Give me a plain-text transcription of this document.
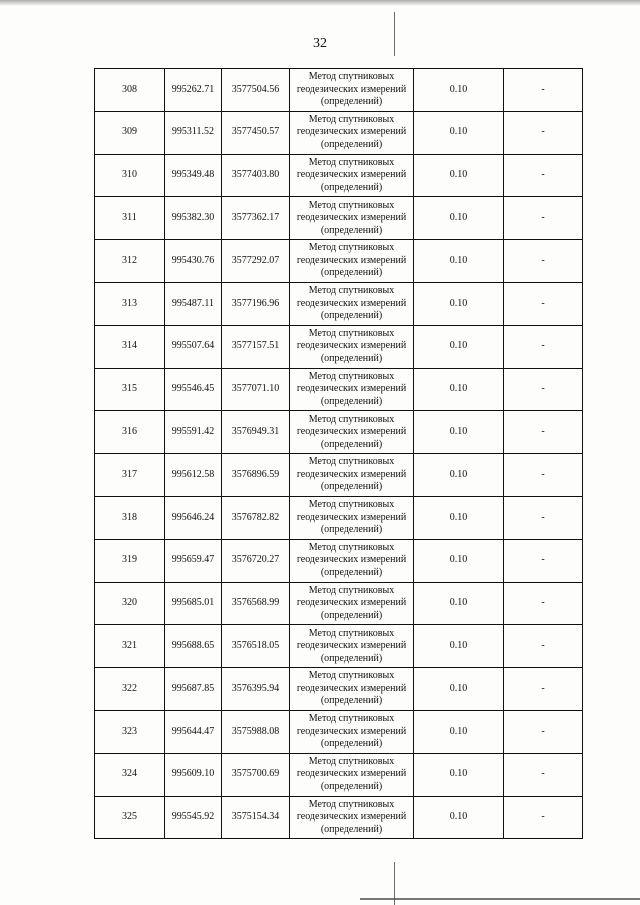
32
308	995262.71	3577504.56	Метод спутниковых
геодезических измерений
(определений)	0.10	-
309	995311.52	3577450.57	Метод спутниковых
геодезических измерений
(определений)	0.10	-
310	995349.48	3577403.80	Метод спутниковых
геодезических измерений
(определений)	0.10	-
311	995382.30	3577362.17	Метод спутниковых
геодезических измерений
(определений)	0.10	-
312	995430.76	3577292.07	Метод спутниковых
геодезических измерений
(определений)	0.10	-
313	995487.11	3577196.96	Метод спутниковых
геодезических измерений
(определений)	0.10	-
314	995507.64	3577157.51	Метод спутниковых
геодезических измерений
(определений)	0.10	-
315	995546.45	3577071.10	Метод спутниковых
геодезических измерений
(определений)	0.10	-
316	995591.42	3576949.31	Метод спутниковых
геодезических измерений
(определений)	0.10	-
317	995612.58	3576896.59	Метод спутниковых
геодезических измерений
(определений)	0.10	-
318	995646.24	3576782.82	Метод спутниковых
геодезических измерений
(определений)	0.10	-
319	995659.47	3576720.27	Метод спутниковых
геодезических измерений
(определений)	0.10	-
320	995685.01	3576568.99	Метод спутниковых
геодезических измерений
(определений)	0.10	-
321	995688.65	3576518.05	Метод спутниковых
геодезических измерений
(определений)	0.10	-
322	995687.85	3576395.94	Метод спутниковых
геодезических измерений
(определений)	0.10	-
323	995644.47	3575988.08	Метод спутниковых
геодезических измерений
(определений)	0.10	-
324	995609.10	3575700.69	Метод спутниковых
геодезических измерений
(определений)	0.10	-
325	995545.92	3575154.34	Метод спутниковых
геодезических измерений
(определений)	0.10	-
